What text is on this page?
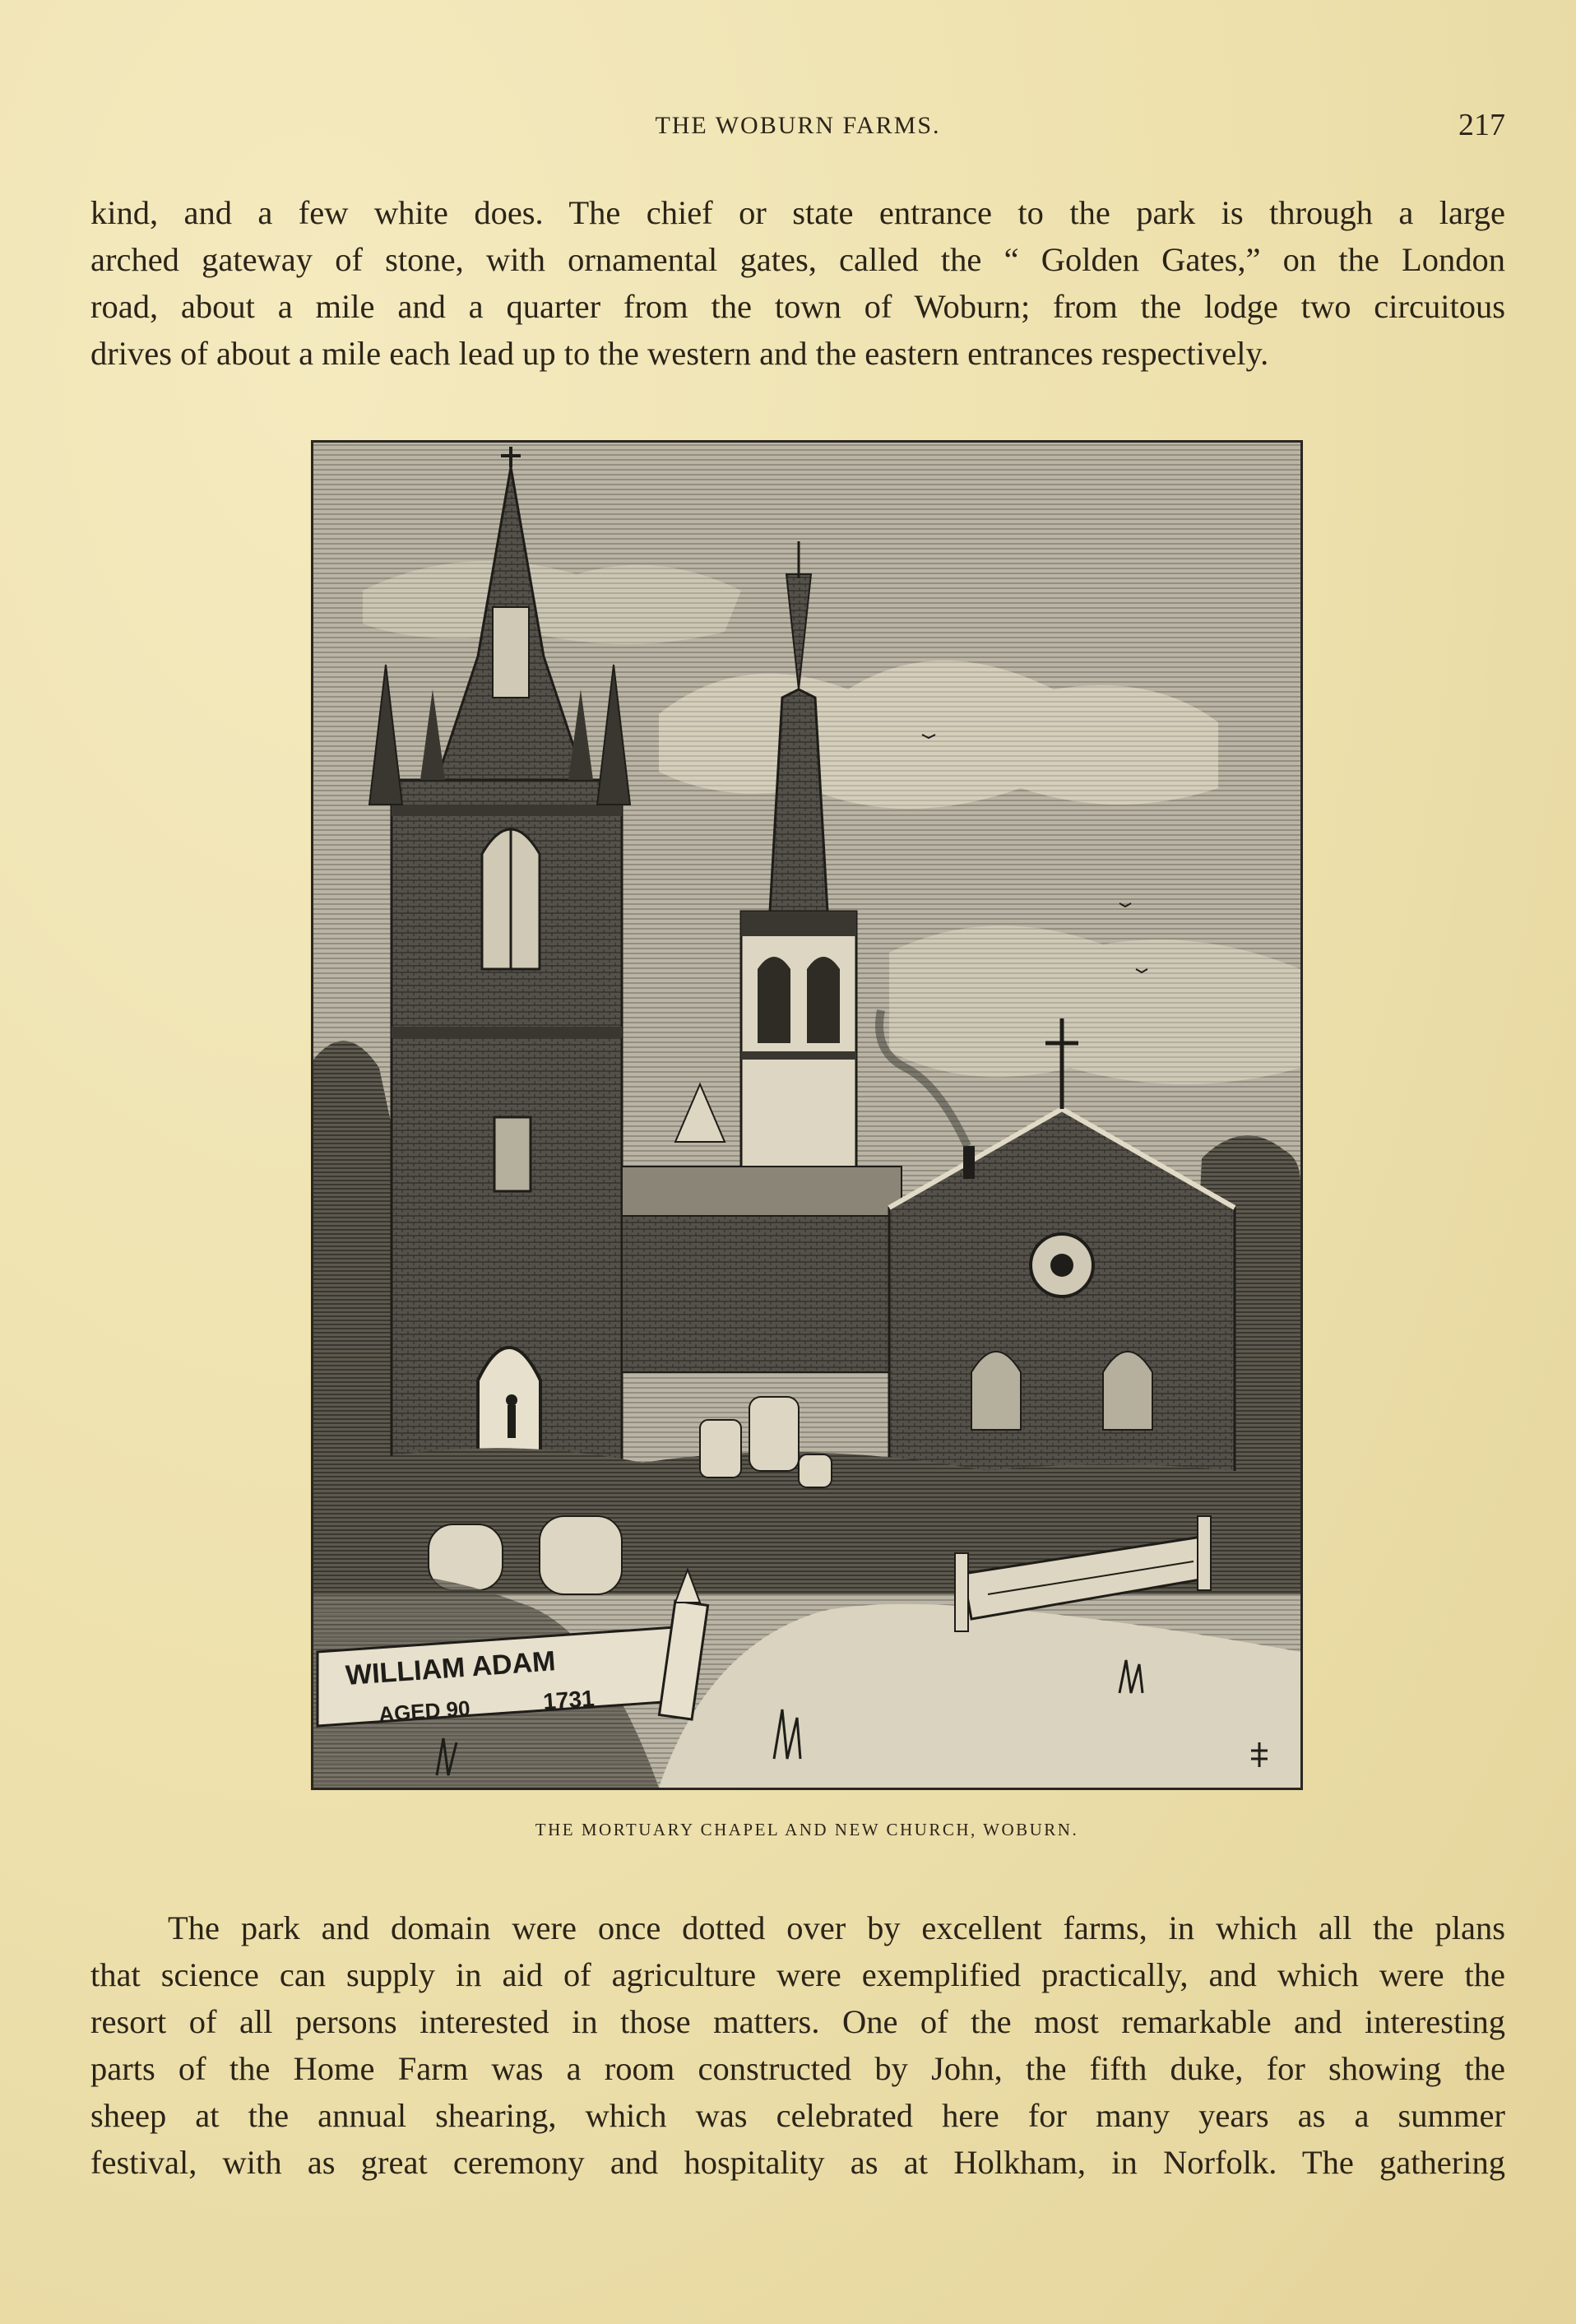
THE WOBURN FARMS.	217
kind, and a few white does. The chief or state entrance to the park is through a large
arched gateway of stone, with ornamental gates, called the “ Golden Gates,” on the London
road, about a mile and a quarter from the town of Woburn; from the lodge two circuitous
drives of about a mile each lead up to the western and the eastern entrances respectively.
WILLIAM ADAM
AGED 90	1731
THE MORTUARY CHAPEL AND NEW CHURCH, WOBURN.
The park and domain were once dotted over by excellent farms, in which all the plans
that science can supply in aid of agriculture were exemplified practically, and which were the
resort of all persons interested in those matters. One of the most remarkable and interesting
parts of the Home Farm was a room constructed by John, the fifth duke, for showing the
sheep at the annual shearing, which was celebrated here for many years as a summer
festival, with as great ceremony and hospitality as at Holkham, in Norfolk. The gathering
